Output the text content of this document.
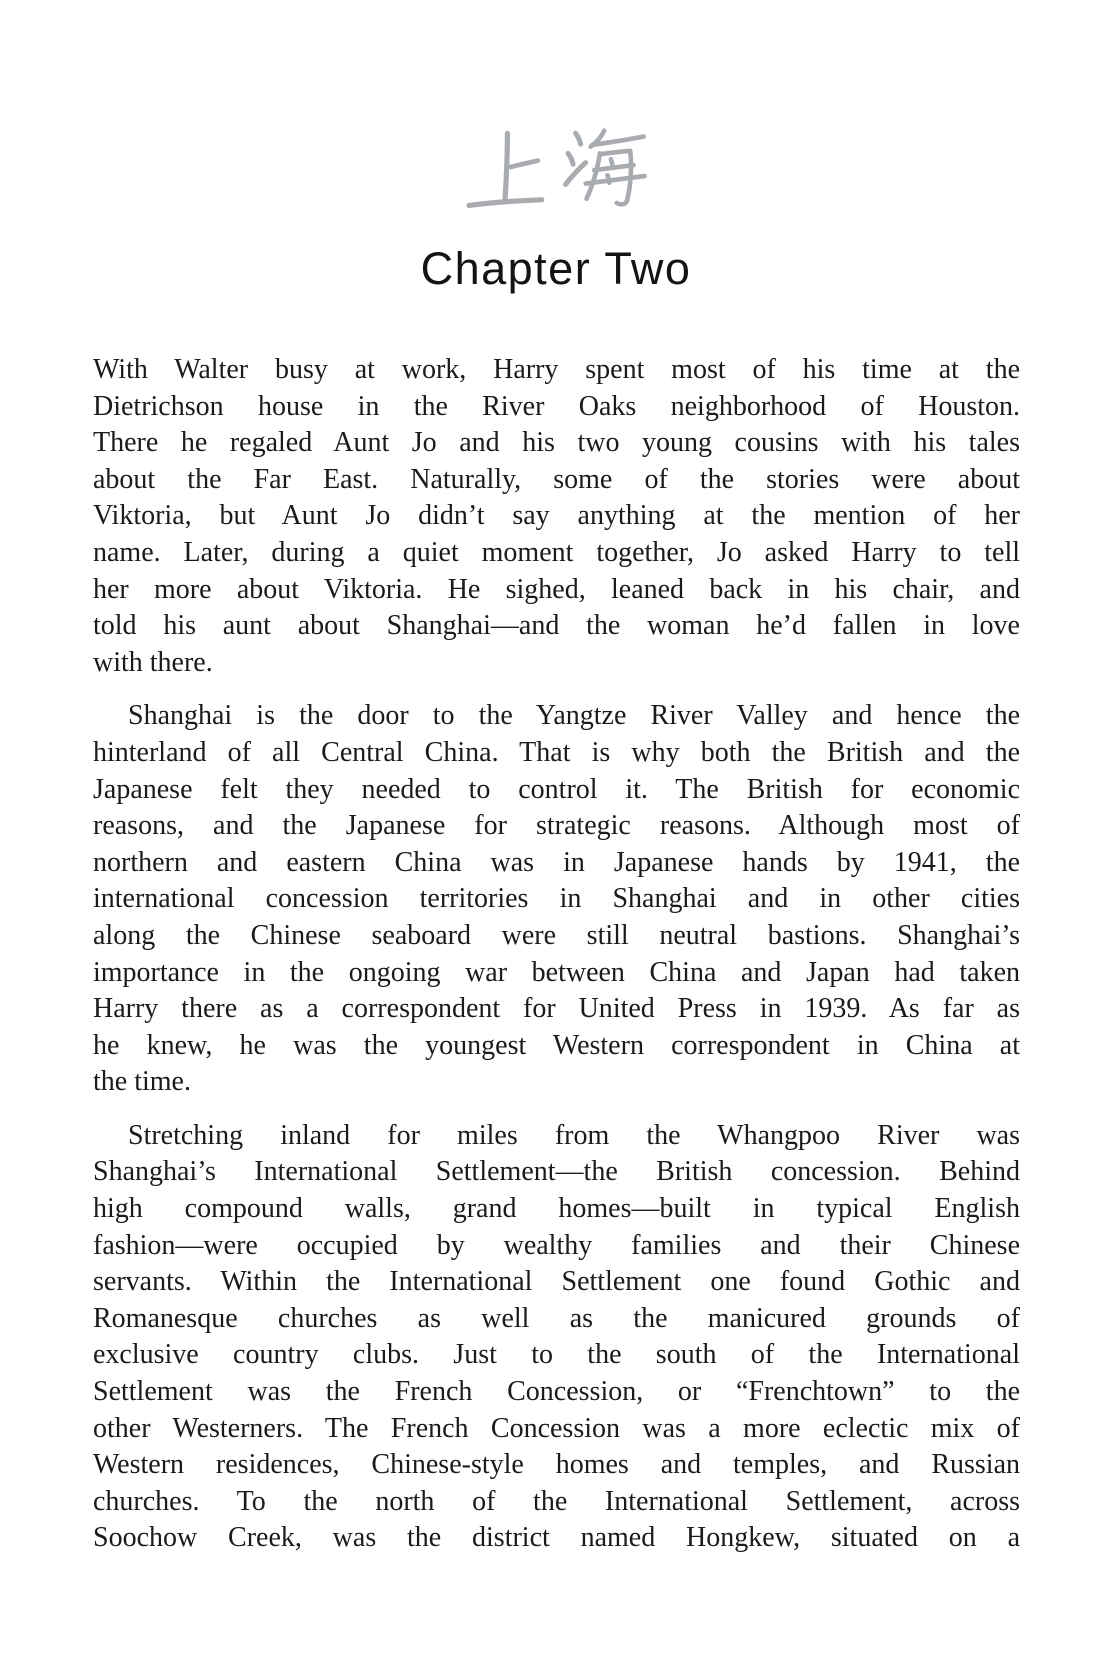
Chapter Two

With Walter busy at work, Harry spent most of his time at the
Dietrichson house in the River Oaks neighborhood of Houston.
There he regaled Aunt Jo and his two young cousins with his tales
about the Far East. Naturally, some of the stories were about
Viktoria, but Aunt Jo didn’t say anything at the mention of her
name. Later, during a quiet moment together, Jo asked Harry to tell
her more about Viktoria. He sighed, leaned back in his chair, and
told his aunt about Shanghai—and the woman he’d fallen in love
with there.

Shanghai is the door to the Yangtze River Valley and hence the
hinterland of all Central China. That is why both the British and the
Japanese felt they needed to control it. The British for economic
reasons, and the Japanese for strategic reasons. Although most of
northern and eastern China was in Japanese hands by 1941, the
international concession territories in Shanghai and in other cities
along the Chinese seaboard were still neutral bastions. Shanghai’s
importance in the ongoing war between China and Japan had taken
Harry there as a correspondent for United Press in 1939. As far as
he knew, he was the youngest Western correspondent in China at
the time.

Stretching inland for miles from the Whangpoo River was
Shanghai’s International Settlement—the British concession. Behind
high compound walls, grand homes—built in typical English
fashion—were occupied by wealthy families and their Chinese
servants. Within the International Settlement one found Gothic and
Romanesque churches as well as the manicured grounds of
exclusive country clubs. Just to the south of the International
Settlement was the French Concession, or “Frenchtown” to the
other Westerners. The French Concession was a more eclectic mix of
Western residences, Chinese-style homes and temples, and Russian
churches. To the north of the International Settlement, across
Soochow Creek, was the district named Hongkew, situated on a
